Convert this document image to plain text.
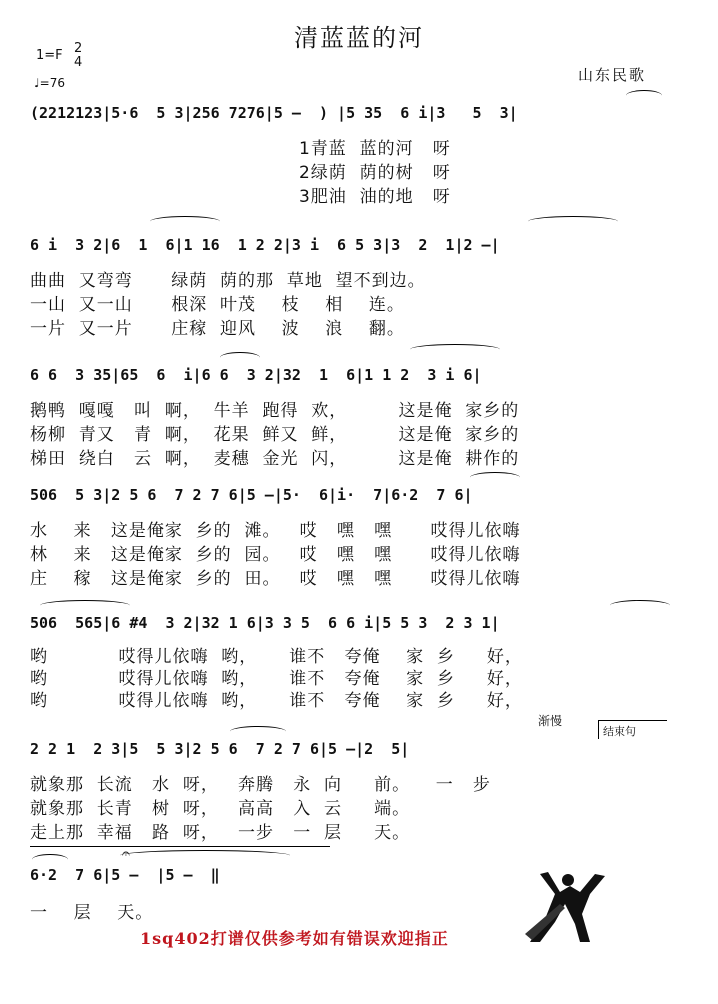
清蓝蓝的河
1=F 2
4
♩=76	山东民歌
(2212123|5·6  5 3|256 7276|5 –  ) |5 35  6 i|3   5  3|
1青蓝  蓝的河   呀
2绿荫  荫的树   呀
3肥油  油的地   呀
6 i  3 2|6  1  6|1 16  1 2 2|3 i  6 5 3|3  2  1|2 –|
曲曲  又弯弯      绿荫  荫的那  草地  望不到边。
一山  又一山      根深  叶茂    枝    相    连。
一片  又一片      庄稼  迎风    波    浪    翻。
6 6  3 35|65  6  i|6 6  3 2|32  1  6|1 1 2  3 i 6|
鹅鸭  嘎嘎   叫  啊，  牛羊  跑得  欢，        这是俺  家乡的
杨柳  青又   青  啊，  花果  鲜又  鲜，        这是俺  家乡的
梯田  绕白   云  啊，  麦穗  金光  闪，        这是俺  耕作的
506  5 3|2 5 6  7 2 7 6|5 –|5·  6|i·  7|6·2  7 6|
水    来   这是俺家  乡的  滩。   哎   嘿   嘿      哎得儿依嗨
林    来   这是俺家  乡的  园。   哎   嘿   嘿      哎得儿依嗨
庄    稼   这是俺家  乡的  田。   哎   嘿   嘿      哎得儿依嗨
506  565|6 #4  3 2|32 1 6|3 3 5  6 6 i|5 5 3  2 3 1|
哟           哎得儿依嗨  哟，     谁不   夸俺    家  乡     好，
哟           哎得儿依嗨  哟，     谁不   夸俺    家  乡     好，
哟           哎得儿依嗨  哟，     谁不   夸俺    家  乡     好，
渐慢
结束句
2 2 1  2 3|5  5 3|2 5 6  7 2 7 6|5 –|2  5|
就象那  长流   水  呀，   奔腾   永  向     前。    一   步
就象那  长青   树  呀，   高高   入  云     端。
走上那  幸福   路  呀，   一步   一  层     天。
6·2  7 6|5 –  |5 –  ‖
一    层    天。
𝄐
1sq402打谱仅供参考如有错误欢迎指正
